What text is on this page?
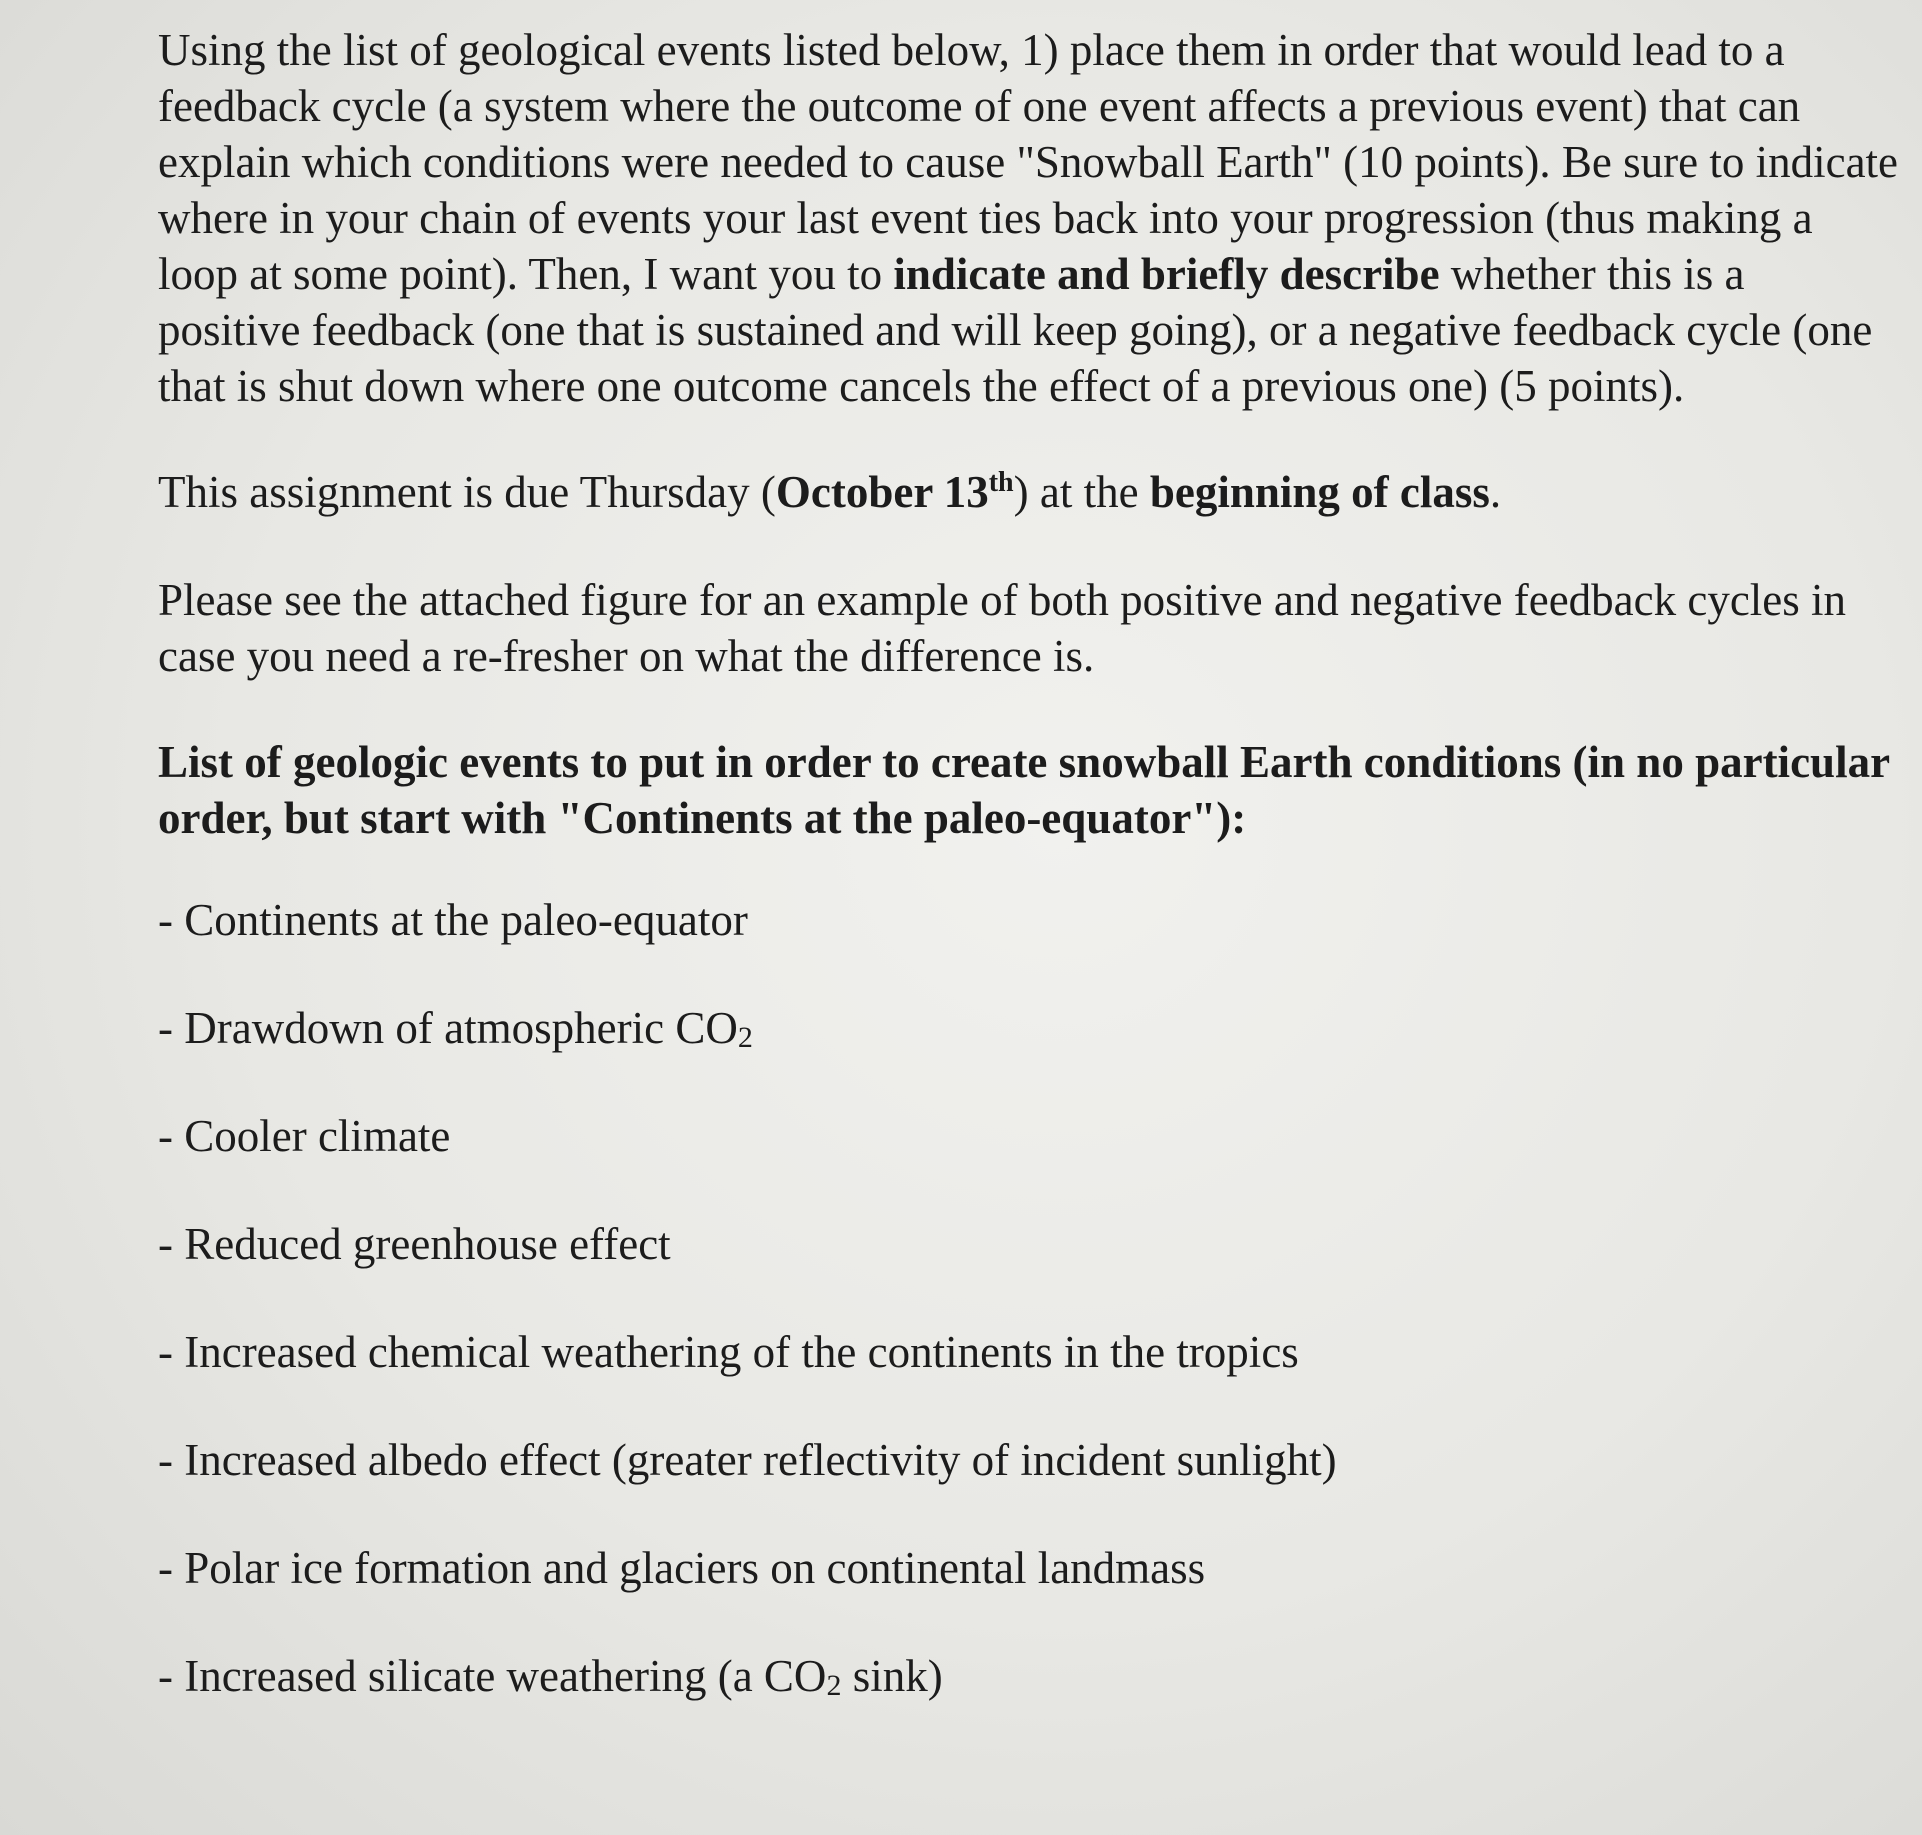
Using the list of geological events listed below, 1) place them in order that would lead to a feedback cycle (a system where the outcome of one event affects a previous event) that can explain which conditions were needed to cause "Snowball Earth" (10 points). Be sure to indicate where in your chain of events your last event ties back into your progression (thus making a loop at some point). Then, I want you to indicate and briefly describe whether this is a positive feedback (one that is sustained and will keep going), or a negative feedback cycle (one that is shut down where one outcome cancels the effect of a previous one) (5 points).

This assignment is due Thursday (October 13th) at the beginning of class.

Please see the attached figure for an example of both positive and negative feedback cycles in case you need a re-fresher on what the difference is.

List of geologic events to put in order to create snowball Earth conditions (in no particular order, but start with "Continents at the paleo-equator"):

- Continents at the paleo-equator
- Drawdown of atmospheric $CO_2$
- Cooler climate
- Reduced greenhouse effect
- Increased chemical weathering of the continents in the tropics
- Increased albedo effect (greater reflectivity of incident sunlight)
- Polar ice formation and glaciers on continental landmass
- Increased silicate weathering (a $CO_2$ sink)
